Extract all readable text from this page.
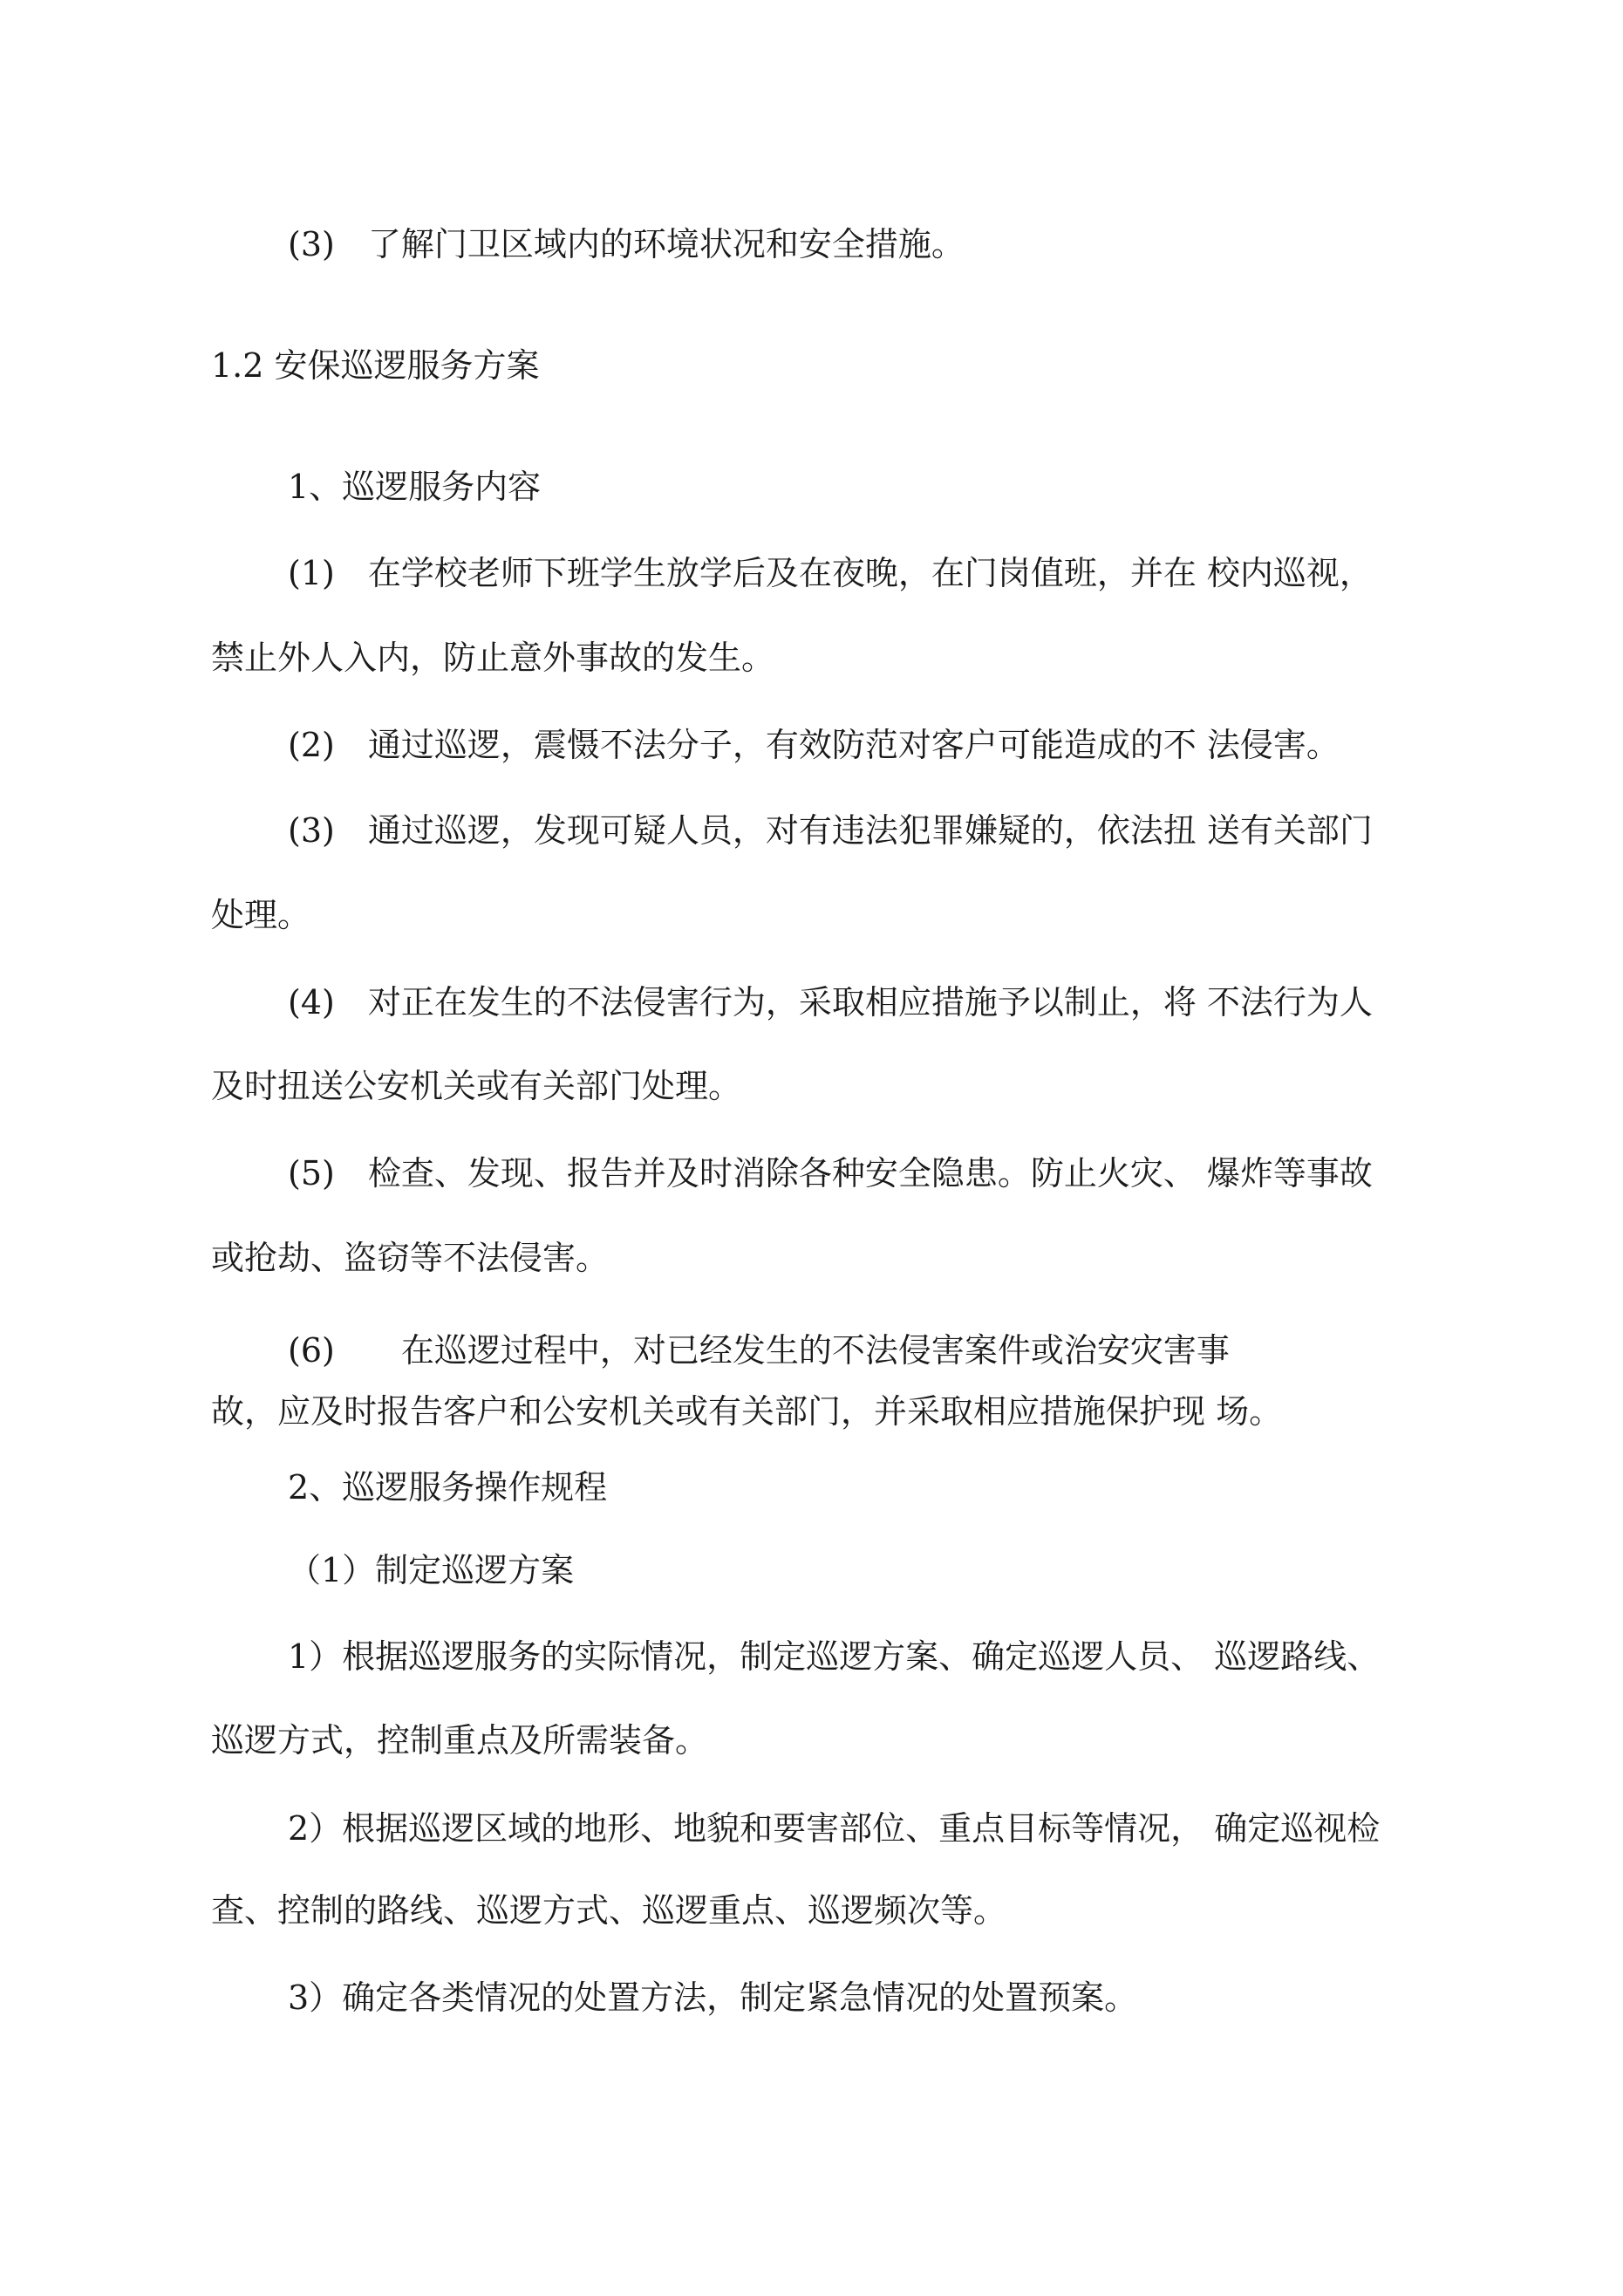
(3)　了解门卫区域内的环境状况和安全措施。

1.2 安保巡逻服务方案

1、巡逻服务内容

(1)　在学校老师下班学生放学后及在夜晚，在门岗值班，并在 校内巡视，

禁止外人入内，防止意外事故的发生。

(2)　通过巡逻，震慑不法分子，有效防范对客户可能造成的不 法侵害。

(3)　通过巡逻，发现可疑人员，对有违法犯罪嫌疑的，依法扭 送有关部门

处理。

(4)　对正在发生的不法侵害行为，采取相应措施予以制止，将 不法行为人

及时扭送公安机关或有关部门处理。

(5)　检查、发现、报告并及时消除各种安全隐患。防止火灾、 爆炸等事故

或抢劫、盗窃等不法侵害。

(6)　　在巡逻过程中，对已经发生的不法侵害案件或治安灾害事

故，应及时报告客户和公安机关或有关部门，并采取相应措施保护现 场。

2、巡逻服务操作规程

（1）制定巡逻方案

1）根据巡逻服务的实际情况，制定巡逻方案、确定巡逻人员、 巡逻路线、

巡逻方式，控制重点及所需装备。

2）根据巡逻区域的地形、地貌和要害部位、重点目标等情况， 确定巡视检

查、控制的路线、巡逻方式、巡逻重点、巡逻频次等。

3）确定各类情况的处置方法，制定紧急情况的处置预案。
